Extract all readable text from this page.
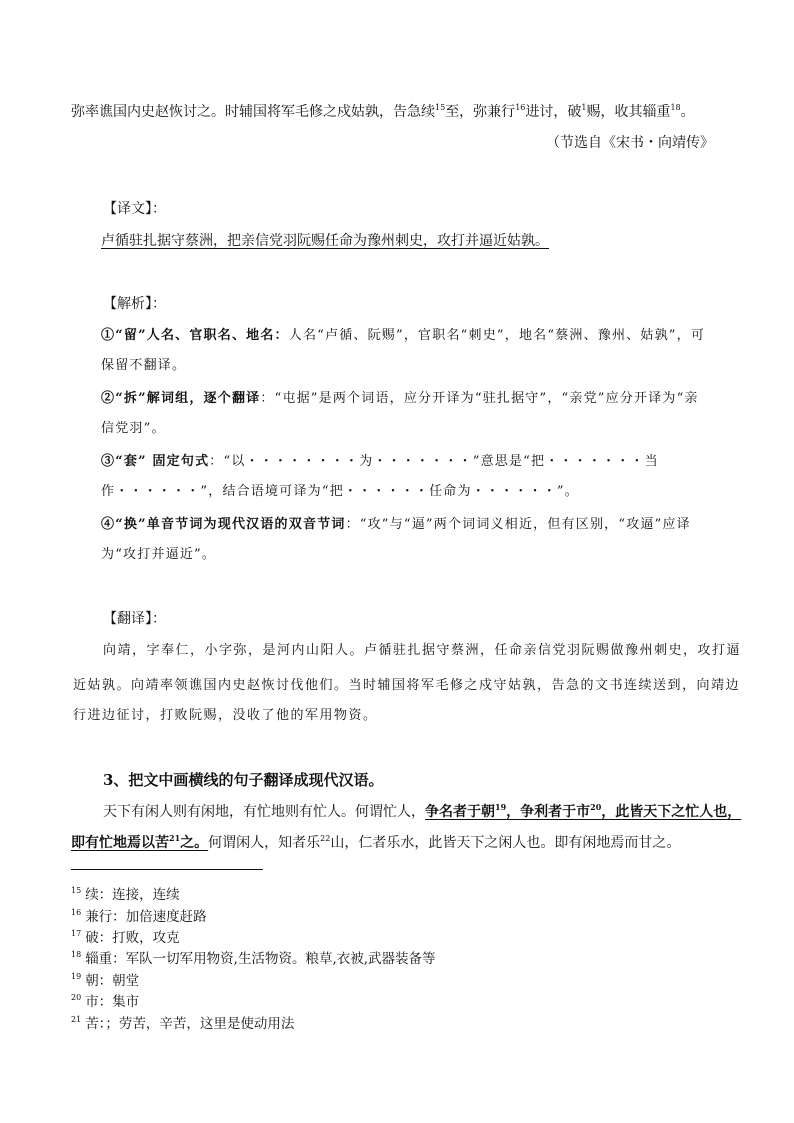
弥率谯国内史赵恢讨之。时辅国将军毛修之戍姑孰，告急续$^{15}$至，弥兼行$^{16}$进讨，破$^1$赐，收其辎重$^{18}$。
（节选自《宋书・向靖传》
【译文】：
卢循驻扎据守蔡洲，把亲信党羽阮赐任命为豫州刺史，攻打并逼近姑孰。
【解析】：
①“留”人名、官职名、地名：人名“卢循、阮赐”，官职名“刺史”，地名“蔡洲、豫州、姑孰”，可
保留不翻译。
②“拆”解词组，逐个翻译：“屯据”是两个词语，应分开译为“驻扎据守”，“亲党”应分开译为“亲
信党羽”。
③“套” 固定句式：“以・・・・・・・・为・・・・・・・”意思是“把・・・・・・・当
作・・・・・・”，结合语境可译为“把・・・・・・任命为・・・・・・”。
④“换”单音节词为现代汉语的双音节词：“攻”与“逼”两个词词义相近，但有区别，“攻逼”应译
为“攻打并逼近”。
【翻译】：
向靖，字奉仁，小字弥，是河内山阳人。卢循驻扎据守蔡洲，任命亲信党羽阮赐做豫州刺史，攻打逼
近姑孰。向靖率领谯国内史赵恢讨伐他们。当时辅国将军毛修之戍守姑孰，告急的文书连续送到，向靖边
行进边征讨，打败阮赐，没收了他的军用物资。
3、把文中画横线的句子翻译成现代汉语。
天下有闲人则有闲地，有忙地则有忙人。何谓忙人，争名者于朝$^{19}$，争利者于市$^{20}$，此皆天下之忙人也，
即有忙地焉以苦$^{21}$之。何谓闲人，知者乐$^{22}$山，仁者乐水，此皆天下之闲人也。即有闲地焉而甘之。
$^{15}$ 续：连接，连续
$^{16}$ 兼行：加倍速度赶路
$^{17}$ 破：打败，攻克
$^{18}$ 辎重：军队一切军用物资,生活物资。粮草,衣被,武器装备等
$^{19}$ 朝：朝堂
$^{20}$ 市：集市
$^{21}$ 苦：；劳苦，辛苦，这里是使动用法
